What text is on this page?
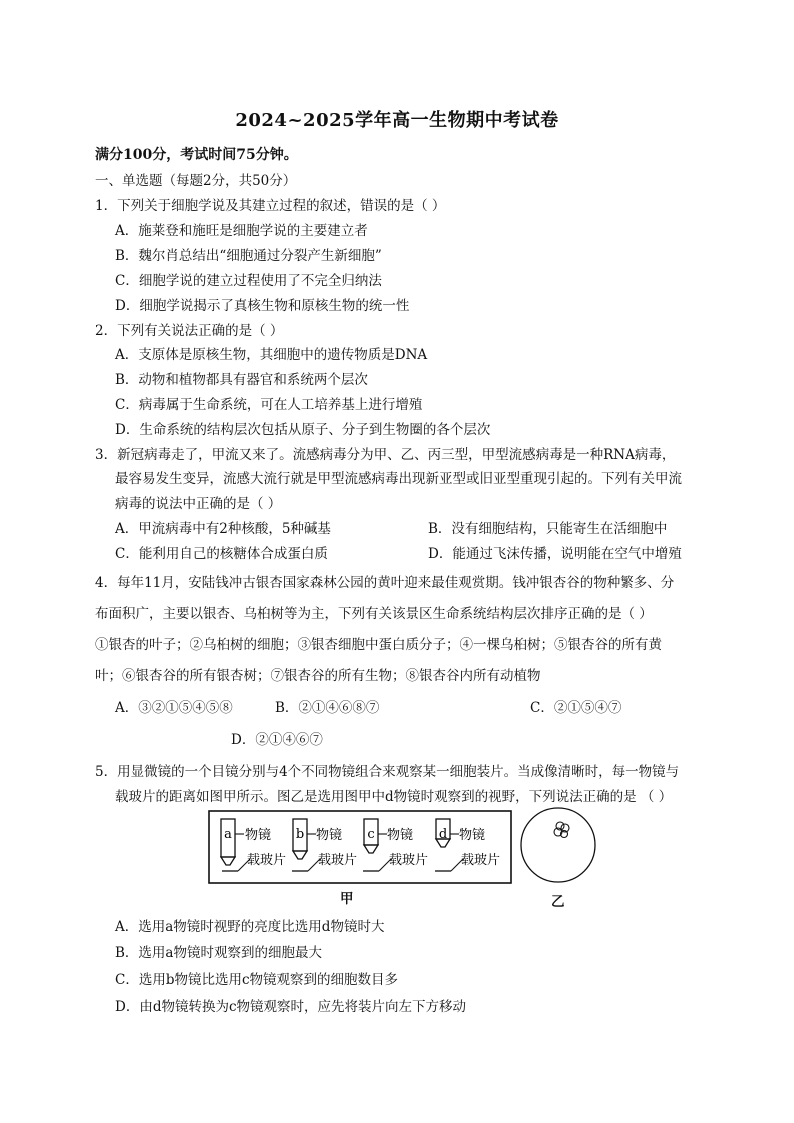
2024~2025学年高一生物期中考试卷
满分100分，考试时间75分钟。
一、单选题（每题2分，共50分）
1．下列关于细胞学说及其建立过程的叙述，错误的是（ ）
A．施莱登和施旺是细胞学说的主要建立者
B．魏尔肖总结出“细胞通过分裂产生新细胞”
C．细胞学说的建立过程使用了不完全归纳法
D．细胞学说揭示了真核生物和原核生物的统一性
2．下列有关说法正确的是（ ）
A．支原体是原核生物，其细胞中的遗传物质是DNA
B．动物和植物都具有器官和系统两个层次
C．病毒属于生命系统，可在人工培养基上进行增殖
D．生命系统的结构层次包括从原子、分子到生物圈的各个层次
3．新冠病毒走了，甲流又来了。流感病毒分为甲、乙、丙三型，甲型流感病毒是一种RNA病毒，
最容易发生变异，流感大流行就是甲型流感病毒出现新亚型或旧亚型重现引起的。下列有关甲流
病毒的说法中正确的是（ ）
A．甲流病毒中有2种核酸，5种碱基	B．没有细胞结构，只能寄生在活细胞中
C．能利用自己的核糖体合成蛋白质	D．能通过飞沫传播，说明能在空气中增殖
4．每年11月，安陆钱冲古银杏国家森林公园的黄叶迎来最佳观赏期。钱冲银杏谷的物种繁多、分
布面积广，主要以银杏、乌桕树等为主，下列有关该景区生命系统结构层次排序正确的是（ ）
①银杏的叶子；②乌桕树的细胞；③银杏细胞中蛋白质分子；④一棵乌桕树；⑤银杏谷的所有黄
叶；⑥银杏谷的所有银杏树；⑦银杏谷的所有生物；⑧银杏谷内所有动植物
A．③②①⑤④⑤⑧	B．②①④⑥⑧⑦	C．②①⑤④⑦
D．②①④⑥⑦
5．用显微镜的一个目镜分别与4个不同物镜组合来观察某一细胞装片。当成像清晰时，每一物镜与
载玻片的距离如图甲所示。图乙是选用图甲中d物镜时观察到的视野，下列说法正确的是 （ ）
a 物镜
载玻片
b 物镜
载玻片
c 物镜
载玻片
d 物镜
载玻片
甲	乙
A．选用a物镜时视野的亮度比选用d物镜时大
B．选用a物镜时观察到的细胞最大
C．选用b物镜比选用c物镜观察到的细胞数目多
D．由d物镜转换为c物镜观察时，应先将装片向左下方移动
